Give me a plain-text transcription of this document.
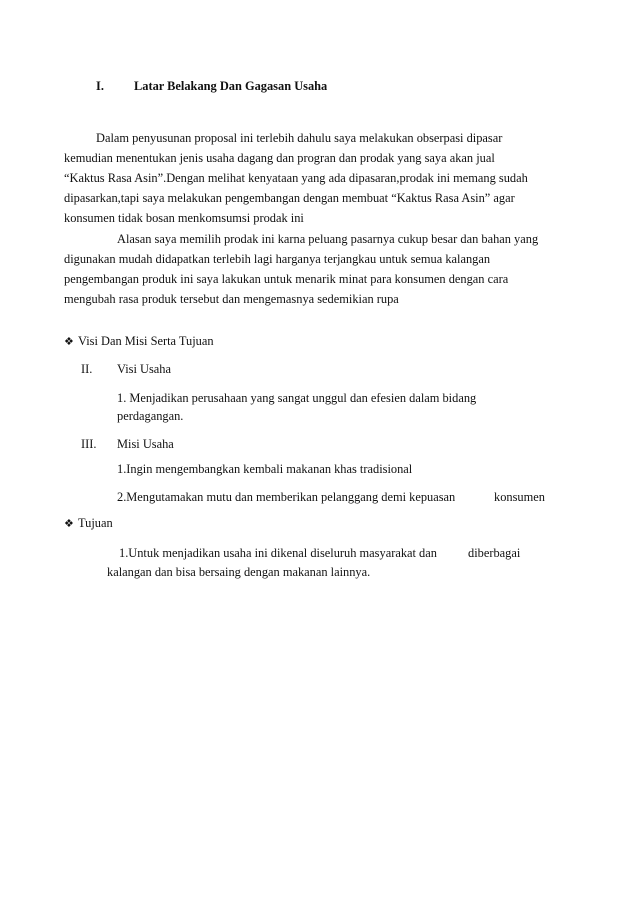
I. Latar Belakang Dan Gagasan Usaha
Dalam penyusunan proposal ini terlebih dahulu saya melakukan obserpasi dipasar
kemudian menentukan jenis usaha dagang dan progran dan prodak yang saya akan jual
“Kaktus Rasa Asin”.Dengan melihat kenyataan yang ada dipasaran,prodak ini memang sudah
dipasarkan,tapi saya melakukan pengembangan dengan membuat “Kaktus Rasa Asin” agar
konsumen tidak bosan menkomsumsi prodak ini
Alasan saya memilih prodak ini karna peluang pasarnya cukup besar dan bahan yang
digunakan mudah didapatkan terlebih lagi harganya terjangkau untuk semua kalangan
pengembangan produk ini saya lakukan untuk menarik minat para konsumen dengan cara
mengubah rasa produk tersebut dan mengemasnya sedemikian rupa
❖ Visi Dan Misi Serta Tujuan
II. Visi Usaha
1. Menjadikan perusahaan yang sangat unggul dan efesien dalam bidang
perdagangan.
III. Misi Usaha
1.Ingin mengembangkan kembali makanan khas tradisional
2.Mengutamakan mutu dan memberikan pelanggang demi kepuasan	konsumen
❖ Tujuan
1.Untuk menjadikan usaha ini dikenal diseluruh masyarakat dan	diberbagai
kalangan dan bisa bersaing dengan makanan lainnya.
